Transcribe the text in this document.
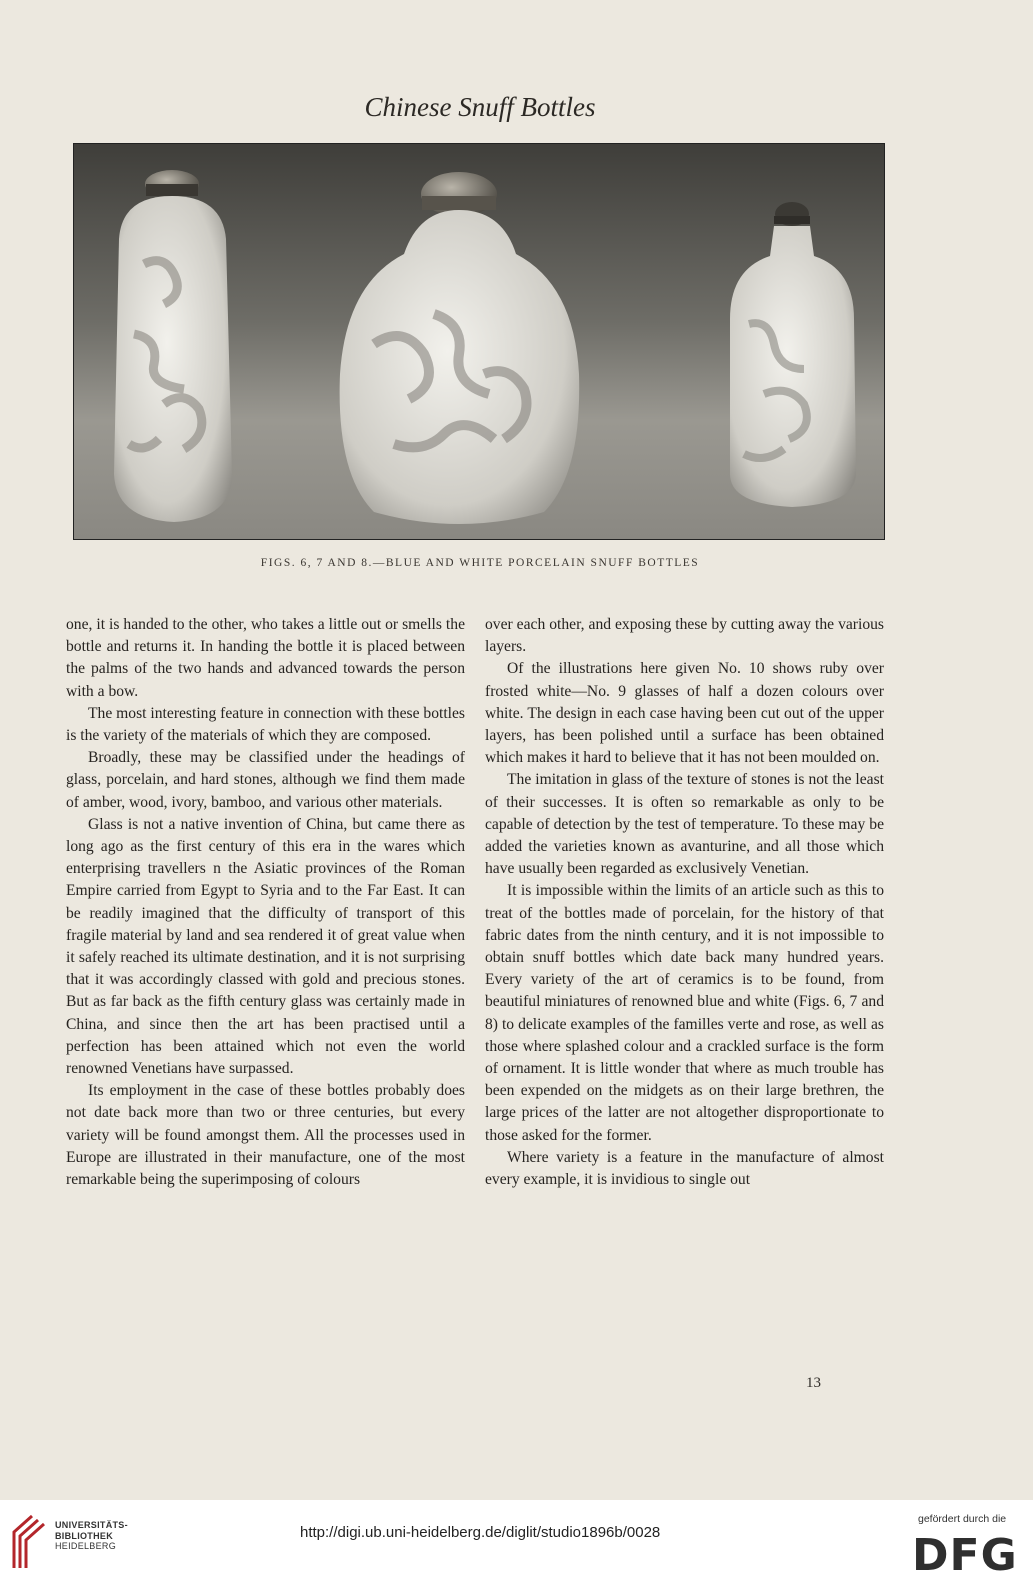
Chinese Snuff Bottles
FIGS. 6, 7 AND 8.—BLUE AND WHITE PORCELAIN SNUFF BOTTLES

one, it is handed to the other, who takes a little out or smells the bottle and returns it. In handing the bottle it is placed between the palms of the two hands and advanced towards the person with a bow.

The most interesting feature in connection with these bottles is the variety of the materials of which they are composed.

Broadly, these may be classified under the headings of glass, porcelain, and hard stones, although we find them made of amber, wood, ivory, bamboo, and various other materials.

Glass is not a native invention of China, but came there as long ago as the first century of this era in the wares which enterprising travellers n the Asiatic provinces of the Roman Empire carried from Egypt to Syria and to the Far East. It can be readily imagined that the difficulty of transport of this fragile material by land and sea rendered it of great value when it safely reached its ultimate destination, and it is not surprising that it was accordingly classed with gold and precious stones. But as far back as the fifth century glass was certainly made in China, and since then the art has been practised until a perfection has been attained which not even the world renowned Venetians have surpassed.

Its employment in the case of these bottles probably does not date back more than two or three centuries, but every variety will be found amongst them. All the processes used in Europe are illustrated in their manufacture, one of the most remarkable being the superimposing of colours

over each other, and exposing these by cutting away the various layers.

Of the illustrations here given No. 10 shows ruby over frosted white—No. 9 glasses of half a dozen colours over white. The design in each case having been cut out of the upper layers, has been polished until a surface has been obtained which makes it hard to believe that it has not been moulded on.

The imitation in glass of the texture of stones is not the least of their successes. It is often so remarkable as only to be capable of detection by the test of temperature. To these may be added the varieties known as avanturine, and all those which have usually been regarded as exclusively Venetian.

It is impossible within the limits of an article such as this to treat of the bottles made of porcelain, for the history of that fabric dates from the ninth century, and it is not impossible to obtain snuff bottles which date back many hundred years. Every variety of the art of ceramics is to be found, from beautiful miniatures of renowned blue and white (Figs. 6, 7 and 8) to delicate examples of the familles verte and rose, as well as those where splashed colour and a crackled surface is the form of ornament. It is little wonder that where as much trouble has been expended on the midgets as on their large brethren, the large prices of the latter are not altogether disproportionate to those asked for the former.

Where variety is a feature in the manufacture of almost every example, it is invidious to single out

13
UNIVERSITÄTS-
BIBLIOTHEK
HEIDELBERG
http://digi.ub.uni-heidelberg.de/diglit/studio1896b/0028
gefördert durch die
DFG
